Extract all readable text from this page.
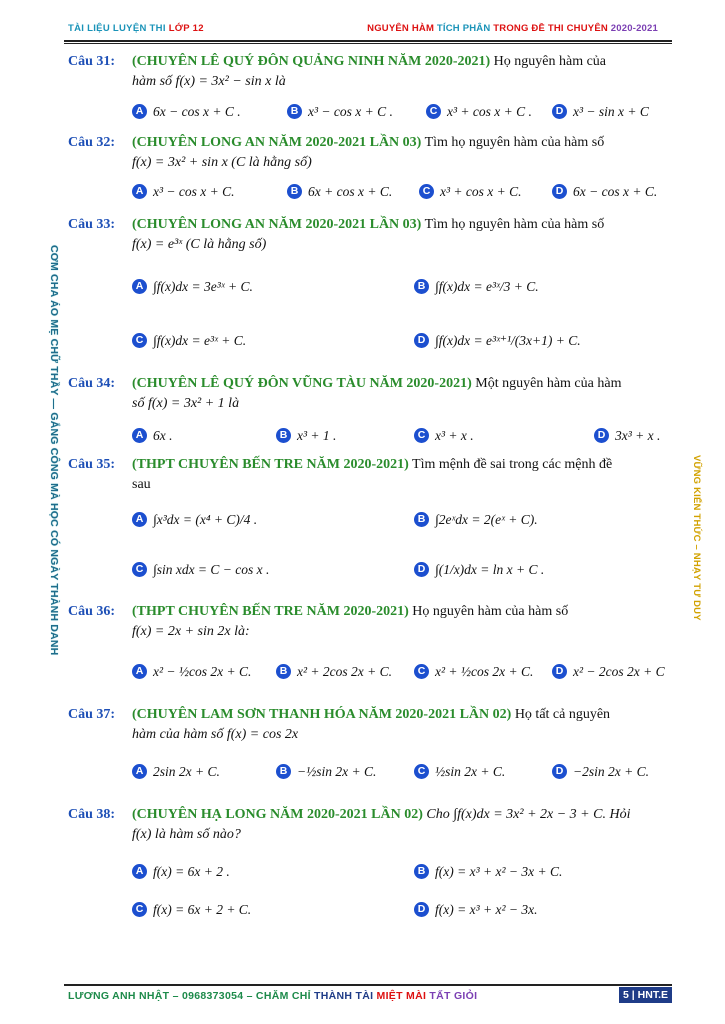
TÀI LIỆU LUYỆN THI LỚP 12	NGUYÊN HÀM TÍCH PHÂN TRONG ĐỀ THI CHUYÊN 2020-2021
CƠM CHA ÁO MẸ CHỮ THẦY — GẮNG CÔNG MÀ HỌC CÓ NGÀY THÀNH DANH	VỮNG KIẾN THỨC – NHẠY TƯ DUY
Câu 31:	(CHUYÊN LÊ QUÝ ĐÔN QUẢNG NINH NĂM 2020-2021) Họ nguyên hàm của
hàm số f(x) = 3x² − sin x là
A 6x − cos x + C .	B x³ − cos x + C .	C x³ + cos x + C .	D x³ − sin x + C
Câu 32:	(CHUYÊN LONG AN NĂM 2020-2021 LẦN 03) Tìm họ nguyên hàm của hàm số
f(x) = 3x² + sin x (C là hằng số)
A x³ − cos x + C.	B 6x + cos x + C.	C x³ + cos x + C.	D 6x − cos x + C.
Câu 33:	(CHUYÊN LONG AN NĂM 2020-2021 LẦN 03) Tìm họ nguyên hàm của hàm số
f(x) = e³ˣ (C là hằng số)
A ∫f(x)dx = 3e³ˣ + C.	B ∫f(x)dx = e³ˣ/3 + C.
C ∫f(x)dx = e³ˣ + C.	D ∫f(x)dx = e³ˣ⁺¹/(3x+1) + C.
Câu 34:	(CHUYÊN LÊ QUÝ ĐÔN VŨNG TÀU NĂM 2020-2021) Một nguyên hàm của hàm
số f(x) = 3x² + 1 là
A 6x .	B x³ + 1 .	C x³ + x .	D 3x³ + x .
Câu 35:	(THPT CHUYÊN BẾN TRE NĂM 2020-2021) Tìm mệnh đề sai trong các mệnh đề
sau
A ∫x³dx = (x⁴ + C)/4 .	B ∫2eˣdx = 2(eˣ + C).
C ∫sin xdx = C − cos x .	D ∫(1/x)dx = ln x + C .
Câu 36:	(THPT CHUYÊN BẾN TRE NĂM 2020-2021) Họ nguyên hàm của hàm số
f(x) = 2x + sin 2x là:
A x² − ½cos 2x + C.	B x² + 2cos 2x + C.	C x² + ½cos 2x + C.	D x² − 2cos 2x + C
Câu 37:	(CHUYÊN LAM SƠN THANH HÓA NĂM 2020-2021 LẦN 02) Họ tất cả nguyên
hàm của hàm số f(x) = cos 2x
A 2sin 2x + C.	B −½sin 2x + C.	C ½sin 2x + C.	D −2sin 2x + C.
Câu 38:	(CHUYÊN HẠ LONG NĂM 2020-2021 LẦN 02) Cho ∫f(x)dx = 3x² + 2x − 3 + C. Hỏi
f(x) là hàm số nào?
A f(x) = 6x + 2 .	B f(x) = x³ + x² − 3x + C.
C f(x) = 6x + 2 + C.	D f(x) = x³ + x² − 3x.
LƯƠNG ANH NHẬT – 0968373054 – CHĂM CHỈ THÀNH TÀI MIỆT MÀI TẤT GIỎI	5 | HNT.E
